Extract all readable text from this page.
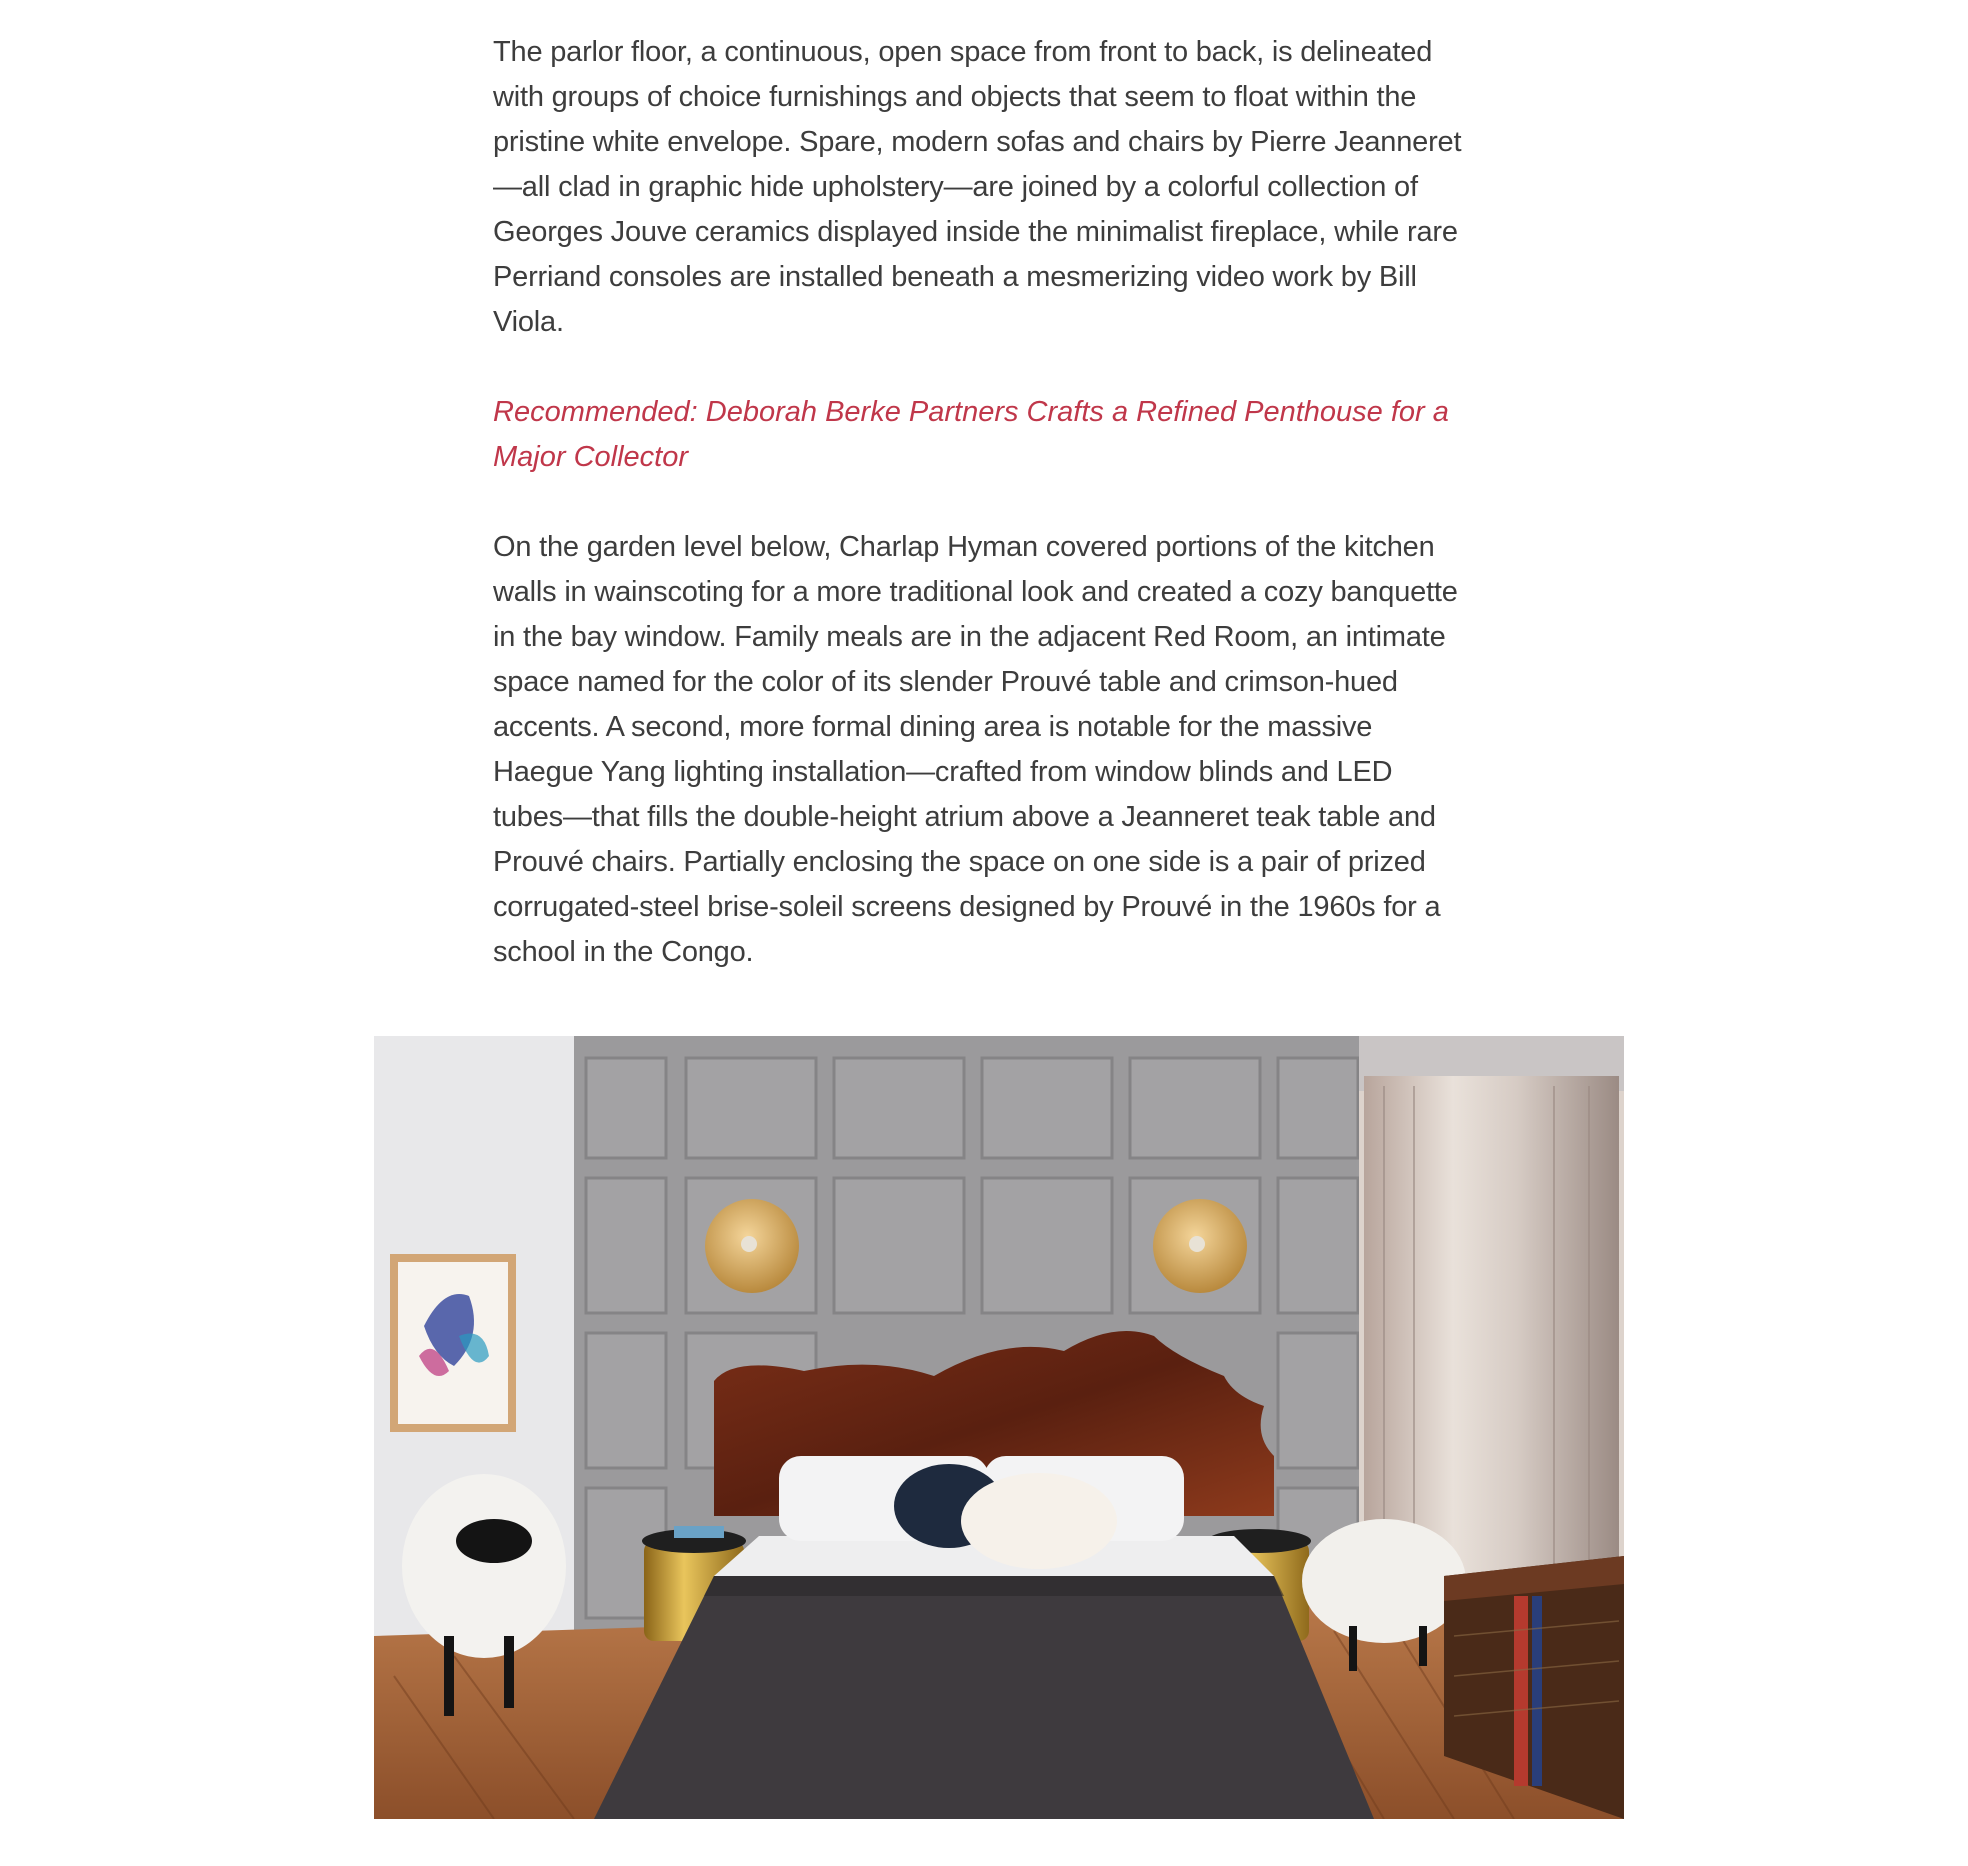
The parlor floor, a continuous, open space from front to back, is delineated
with groups of choice furnishings and objects that seem to float within the
pristine white envelope. Spare, modern sofas and chairs by Pierre Jeanneret
—all clad in graphic hide upholstery—are joined by a colorful collection of
Georges Jouve ceramics displayed inside the minimalist fireplace, while rare
Perriand consoles are installed beneath a mesmerizing video work by Bill
Viola.

Recommended: Deborah Berke Partners Crafts a Refined Penthouse for a
Major Collector

On the garden level below, Charlap Hyman covered portions of the kitchen
walls in wainscoting for a more traditional look and created a cozy banquette
in the bay window. Family meals are in the adjacent Red Room, an intimate
space named for the color of its slender Prouvé table and crimson-hued
accents. A second, more formal dining area is notable for the massive
Haegue Yang lighting installation—crafted from window blinds and LED
tubes—that fills the double-height atrium above a Jeanneret teak table and
Prouvé chairs. Partially enclosing the space on one side is a pair of prized
corrugated-steel brise-soleil screens designed by Prouvé in the 1960s for a
school in the Congo.
